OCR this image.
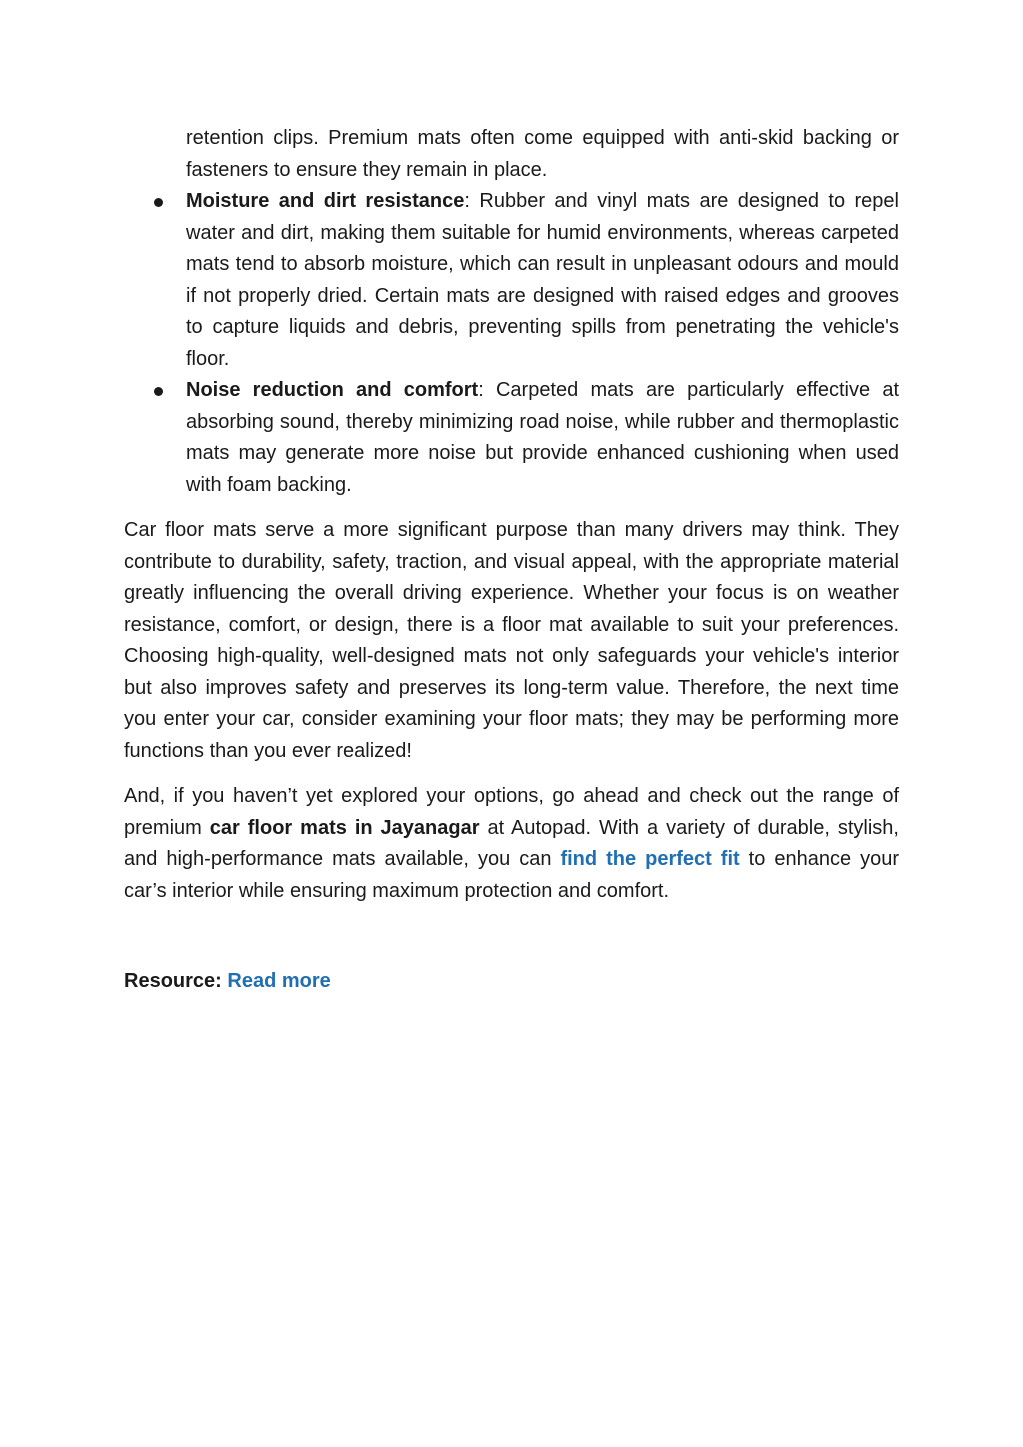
retention clips. Premium mats often come equipped with anti-skid backing or fasteners to ensure they remain in place.
Moisture and dirt resistance: Rubber and vinyl mats are designed to repel water and dirt, making them suitable for humid environments, whereas carpeted mats tend to absorb moisture, which can result in unpleasant odours and mould if not properly dried. Certain mats are designed with raised edges and grooves to capture liquids and debris, preventing spills from penetrating the vehicle's floor.
Noise reduction and comfort: Carpeted mats are particularly effective at absorbing sound, thereby minimizing road noise, while rubber and thermoplastic mats may generate more noise but provide enhanced cushioning when used with foam backing.

Car floor mats serve a more significant purpose than many drivers may think. They contribute to durability, safety, traction, and visual appeal, with the appropriate material greatly influencing the overall driving experience. Whether your focus is on weather resistance, comfort, or design, there is a floor mat available to suit your preferences. Choosing high-quality, well-designed mats not only safeguards your vehicle's interior but also improves safety and preserves its long-term value. Therefore, the next time you enter your car, consider examining your floor mats; they may be performing more functions than you ever realized!

And, if you haven’t yet explored your options, go ahead and check out the range of premium car floor mats in Jayanagar at Autopad. With a variety of durable, stylish, and high-performance mats available, you can find the perfect fit to enhance your car’s interior while ensuring maximum protection and comfort.

Resource: Read more
